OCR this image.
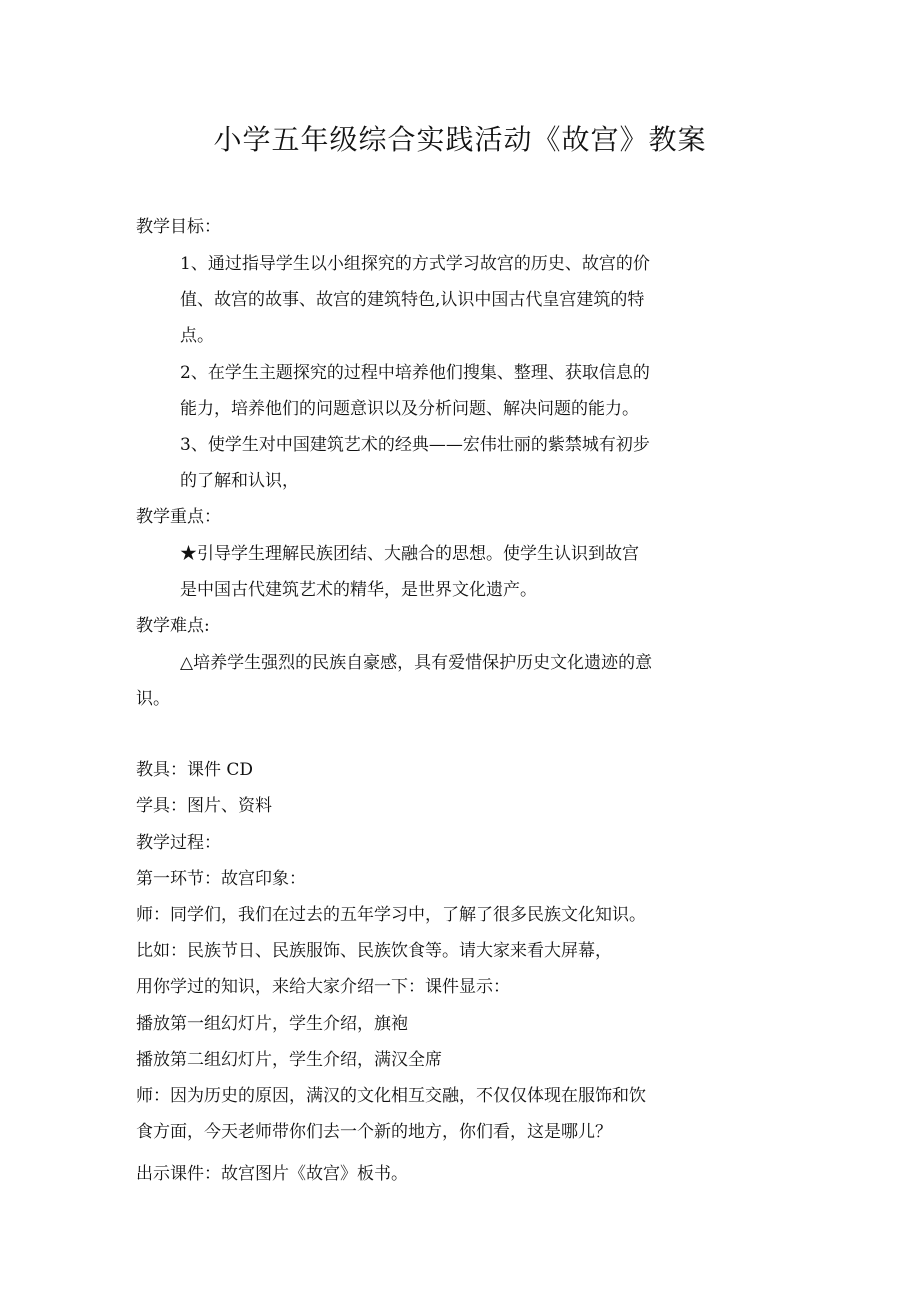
小学五年级综合实践活动《故宫》教案

教学目标：

1、通过指导学生以小组探究的方式学习故宫的历史、故宫的价

值、故宫的故事、故宫的建筑特色,认识中国古代皇宫建筑的特

点。

2、在学生主题探究的过程中培养他们搜集、整理、获取信息的

能力，培养他们的问题意识以及分析问题、解决问题的能力。

3、使学生对中国建筑艺术的经典——宏伟壮丽的紫禁城有初步

的了解和认识，

教学重点：

★引导学生理解民族团结、大融合的思想。使学生认识到故宫

是中国古代建筑艺术的精华，是世界文化遗产。

教学难点:

△培养学生强烈的民族自豪感，具有爱惜保护历史文化遗迹的意

识。

教具：课件 CD

学具：图片、资料

教学过程：

第一环节：故宫印象：

师：同学们，我们在过去的五年学习中，了解了很多民族文化知识。

比如：民族节日、民族服饰、民族饮食等。请大家来看大屏幕，

用你学过的知识，来给大家介绍一下：课件显示：

播放第一组幻灯片，学生介绍，旗袍

播放第二组幻灯片，学生介绍，满汉全席

师：因为历史的原因，满汉的文化相互交融，不仅仅体现在服饰和饮

食方面，今天老师带你们去一个新的地方，你们看，这是哪儿？

出示课件：故宫图片《故宫》板书。
